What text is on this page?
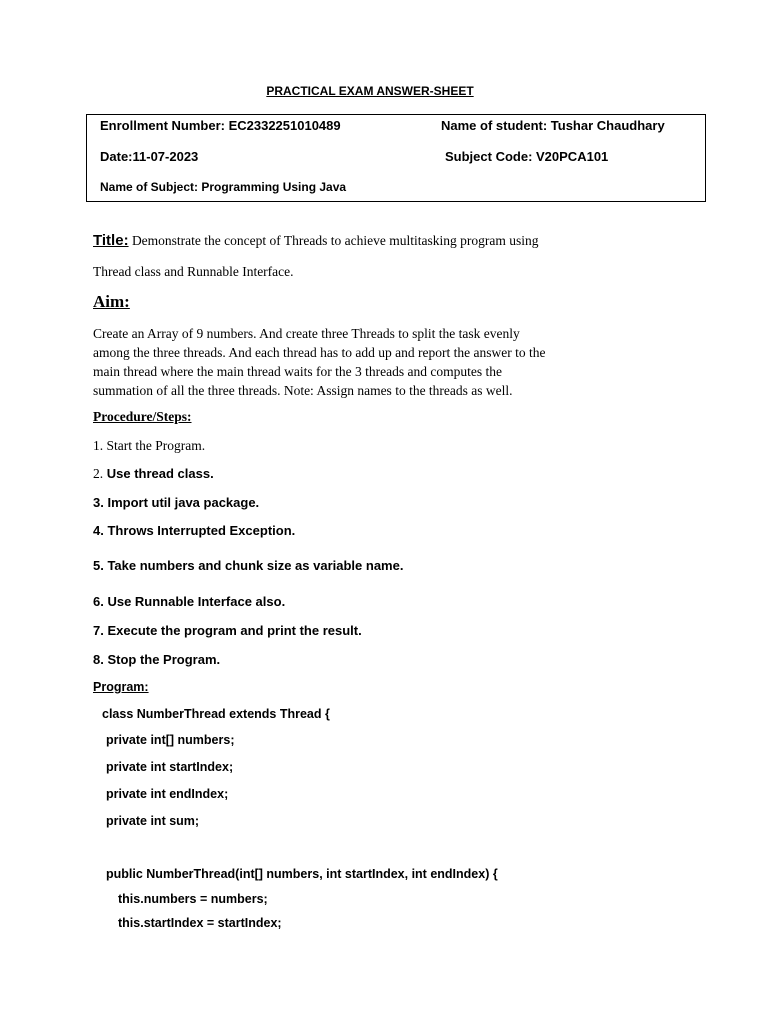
PRACTICAL EXAM ANSWER-SHEET
Enrollment Number: EC2332251010489	Name of student: Tushar Chaudhary
Date:11-07-2023	Subject Code: V20PCA101
Name of Subject: Programming Using Java
Title: Demonstrate the concept of Threads to achieve multitasking program using
Thread class and Runnable Interface.
Aim:
Create an Array of 9 numbers. And create three Threads to split the task evenly
among the three threads. And each thread has to add up and report the answer to the
main thread where the main thread waits for the 3 threads and computes the
summation of all the three threads. Note: Assign names to the threads as well.
Procedure/Steps:
1. Start the Program.
2. Use thread class.
3. Import util java package.
4. Throws Interrupted Exception.
5. Take numbers and chunk size as variable name.
6. Use Runnable Interface also.
7. Execute the program and print the result.
8. Stop the Program.
Program:
class NumberThread extends Thread {
private int[] numbers;
private int startIndex;
private int endIndex;
private int sum;
public NumberThread(int[] numbers, int startIndex, int endIndex) {
this.numbers = numbers;
this.startIndex = startIndex;
